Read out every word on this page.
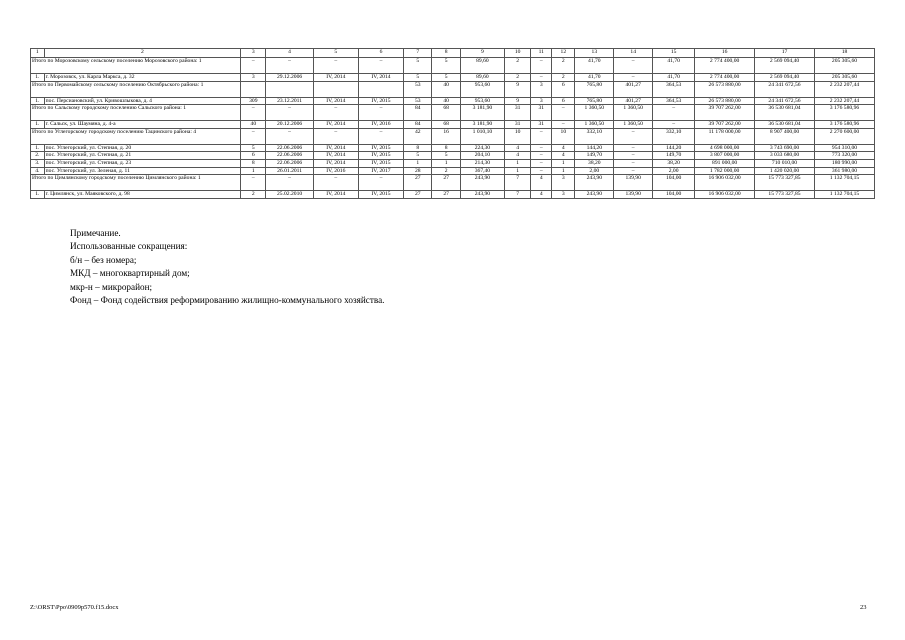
1	2	3	4	5	6	7	8	9	10	11	12	13	14	15	16	17	18
Итого по Морозовскому сельскому поселению Морозовского района: 1		–	–	–	–	5	5	89,60	2	–	2	41,70	–	41,70	2 774 400,00	2 569 094,40	205 305,60
1.	г. Морозовск, ул. Карла Маркса, д. 32	3	29.12.2006	IV, 2014	IV, 2014	5	5	89,60	2	–	2	41,70	–	41,70	2 774 400,00	2 569 094,40	205 305,60
Итого по Первомайскому сельскому поселению Октябрьского района: 1						53	40	953,60	9	3	6	765,80	401,27	364,53	26 573 880,00	24 341 672,56	2 232 207,44
1.	пос. Персиановский, ул. Кривошлыкова, д. 4	309	23.12.2011	IV, 2014	IV, 2015	53	40	953,60	9	3	6	765,80	401,27	364,53	26 573 880,00	24 341 672,56	2 232 207,44
Итого по Сальскому городскому поселению Сальского района: 1		–	–	–	–	84	68	3 181,90	31	31	–	1 360,50	1 360,50	–	39 707 262,00	36 530 681,04	3 176 580,96
1.	г. Сальск, ул. Шаумяна, д. 4-а	40	20.12.2006	IV, 2014	IV, 2016	84	68	3 181,90	31	31	–	1 360,50	1 360,50	–	39 707 262,00	36 530 681,04	3 176 580,96
Итого по Углегорскому городскому поселению Тацинского района: 4		–	–	–	–	42	16	1 010,10	10	–	10	332,10	–	332,10	11 178 000,00	8 907 400,00	2 270 600,00
1.	пос. Углегорский, ул. Степная, д. 20	5	22.06.2006	IV, 2014	IV, 2015	8	8	224,30	4	–	4	144,20	–	144,20	4 698 000,00	3 743 690,00	954 310,00
2.	пос. Углегорский, ул. Степная, д. 21	6	22.06.2006	IV, 2014	IV, 2015	5	5	204,10	4	–	4	149,70	–	149,70	3 807 000,00	3 033 680,00	773 320,00
3.	пос. Углегорский, ул. Степная, д. 23	8	22.06.2006	IV, 2014	IV, 2015	1	1	214,30	1	–	1	38,20	–	38,20	891 000,00	710 010,00	180 990,00
4.	пос. Углегорский, ул. Зеленая, д. 11	1	26.01.2011	IV, 2016	IV, 2017	28	2	367,40	1	–	1	2,00	–	2,00	1 782 000,00	1 420 020,00	361 980,00
Итого по Цимлянскому городскому поселению Цимлянского района: 1		–	–	–	–	27	27	243,90	7	4	3	243,90	139,90	104,00	16 906 032,00	15 773 327,85	1 132 704,15
1.	г. Цимлянск, ул. Маяковского, д. 98	2	25.02.2010	IV, 2014	IV, 2015	27	27	243,90	7	4	3	243,90	139,90	104,00	16 906 032,00	15 773 327,85	1 132 704,15
Примечание.
Использованные сокращения:
б/н – без номера;
МКД – многоквартирный дом;
мкр-н – микрорайон;
Фонд – Фонд содействия реформированию жилищно-коммунального хозяйства.
Z:\ORST\Ppo\0909p570.f15.docx	23
